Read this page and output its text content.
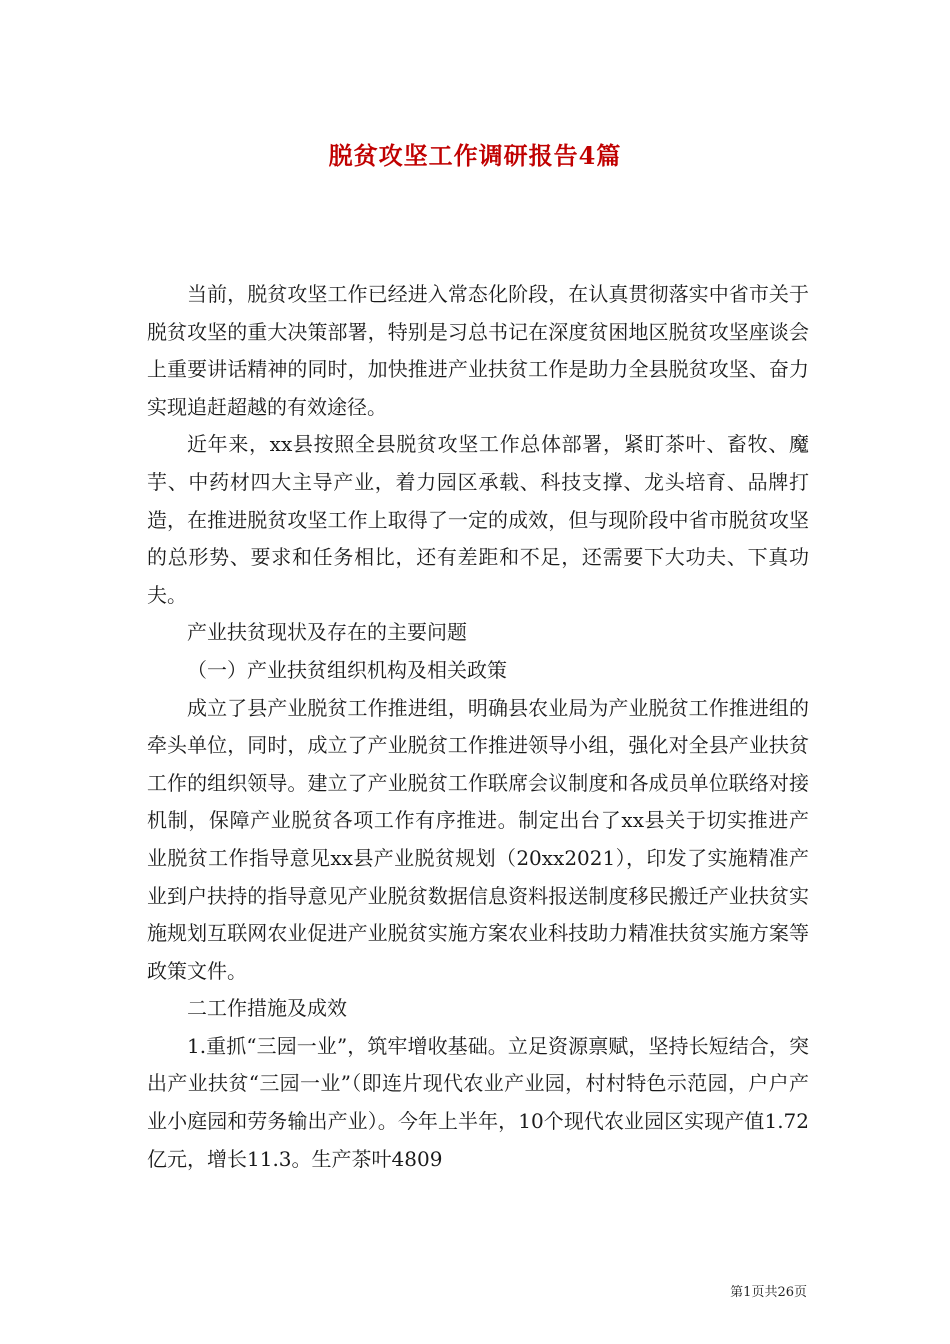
脱贫攻坚工作调研报告4篇

当前，脱贫攻坚工作已经进入常态化阶段，在认真贯彻落实中省市关于脱贫攻坚的重大决策部署，特别是习总书记在深度贫困地区脱贫攻坚座谈会上重要讲话精神的同时，加快推进产业扶贫工作是助力全县脱贫攻坚、奋力实现追赶超越的有效途径。

近年来，xx县按照全县脱贫攻坚工作总体部署，紧盯茶叶、畜牧、魔芋、中药材四大主导产业，着力园区承载、科技支撑、龙头培育、品牌打造，在推进脱贫攻坚工作上取得了一定的成效，但与现阶段中省市脱贫攻坚的总形势、要求和任务相比，还有差距和不足，还需要下大功夫、下真功夫。

产业扶贫现状及存在的主要问题

（一）产业扶贫组织机构及相关政策

成立了县产业脱贫工作推进组，明确县农业局为产业脱贫工作推进组的牵头单位，同时，成立了产业脱贫工作推进领导小组，强化对全县产业扶贫工作的组织领导。建立了产业脱贫工作联席会议制度和各成员单位联络对接机制，保障产业脱贫各项工作有序推进。制定出台了xx县关于切实推进产业脱贫工作指导意见xx县产业脱贫规划（20xx2021），印发了实施精准产业到户扶持的指导意见产业脱贫数据信息资料报送制度移民搬迁产业扶贫实施规划互联网农业促进产业脱贫实施方案农业科技助力精准扶贫实施方案等政策文件。

二工作措施及成效

1.重抓“三园一业”，筑牢增收基础。立足资源禀赋，坚持长短结合，突出产业扶贫“三园一业”（即连片现代农业产业园，村村特色示范园，户户产业小庭园和劳务输出产业）。今年上半年，10个现代农业园区实现产值1.72亿元，增长11.3。生产茶叶4809

第1页共26页
